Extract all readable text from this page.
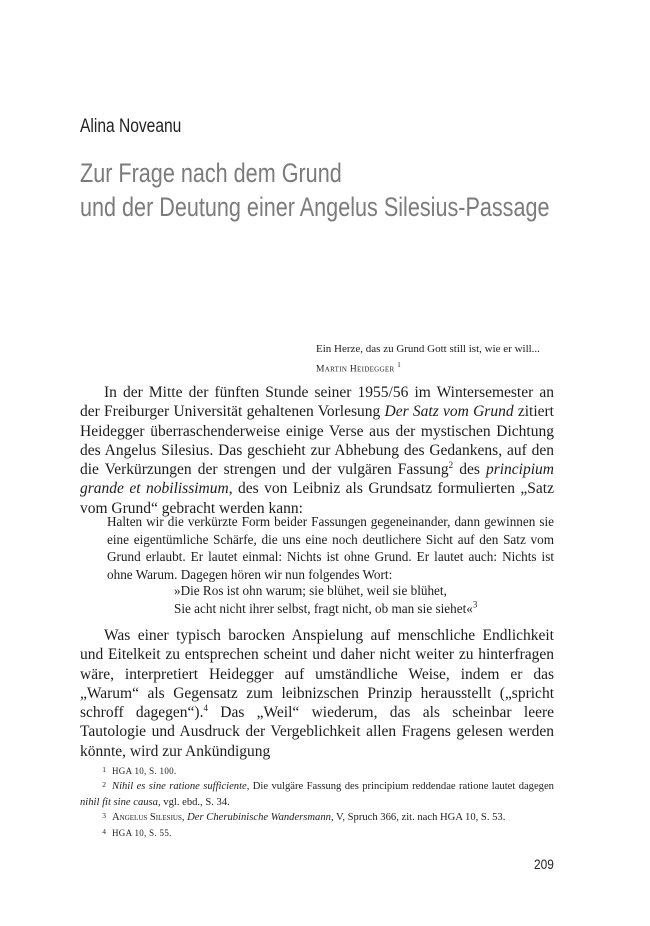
Alina Noveanu
Zur Frage nach dem Grund
und der Deutung einer Angelus Silesius-Passage
Ein Herze, das zu Grund Gott still ist, wie er will...
Martin Heidegger $^1$
In der Mitte der fünften Stunde seiner 1955/56 im Wintersemester an der Freiburger Universität gehaltenen Vorlesung Der Satz vom Grund zitiert Heidegger überraschenderweise einige Verse aus der mystischen Dichtung des Angelus Silesius. Das geschieht zur Abhebung des Gedankens, auf den die Verkürzungen der strengen und der vulgären Fassung$^2$ des principium grande et nobilissimum, des von Leibniz als Grundsatz formulierten „Satz vom Grund“ gebracht werden kann:
Halten wir die verkürzte Form beider Fassungen gegeneinander, dann gewinnen sie eine eigentümliche Schärfe, die uns eine noch deutlichere Sicht auf den Satz vom Grund erlaubt. Er lautet einmal: Nichts ist ohne Grund. Er lautet auch: Nichts ist ohne Warum. Dagegen hören wir nun folgendes Wort:
»Die Ros ist ohn warum; sie blühet, weil sie blühet,
Sie acht nicht ihrer selbst, fragt nicht, ob man sie siehet«$^3$
Was einer typisch barocken Anspielung auf menschliche Endlichkeit und Eitelkeit zu entsprechen scheint und daher nicht weiter zu hinterfragen wäre, interpretiert Heidegger auf umständliche Weise, indem er das „Warum“ als Gegensatz zum leibnizschen Prinzip herausstellt („spricht schroff dagegen“).$^4$ Das „Weil“ wiederum, das als scheinbar leere Tautologie und Ausdruck der Vergeblichkeit allen Fragens gelesen werden könnte, wird zur Ankündigung
1 HGA 10, S. 100.
2 Nihil es sine ratione sufficiente, Die vulgäre Fassung des principium reddendae ratione lautet dagegen nihil fit sine causa, vgl. ebd., S. 34.
3 Angelus Silesius, Der Cherubinische Wandersmann, V, Spruch 366, zit. nach HGA 10, S. 53.
4 HGA 10, S. 55.
209
